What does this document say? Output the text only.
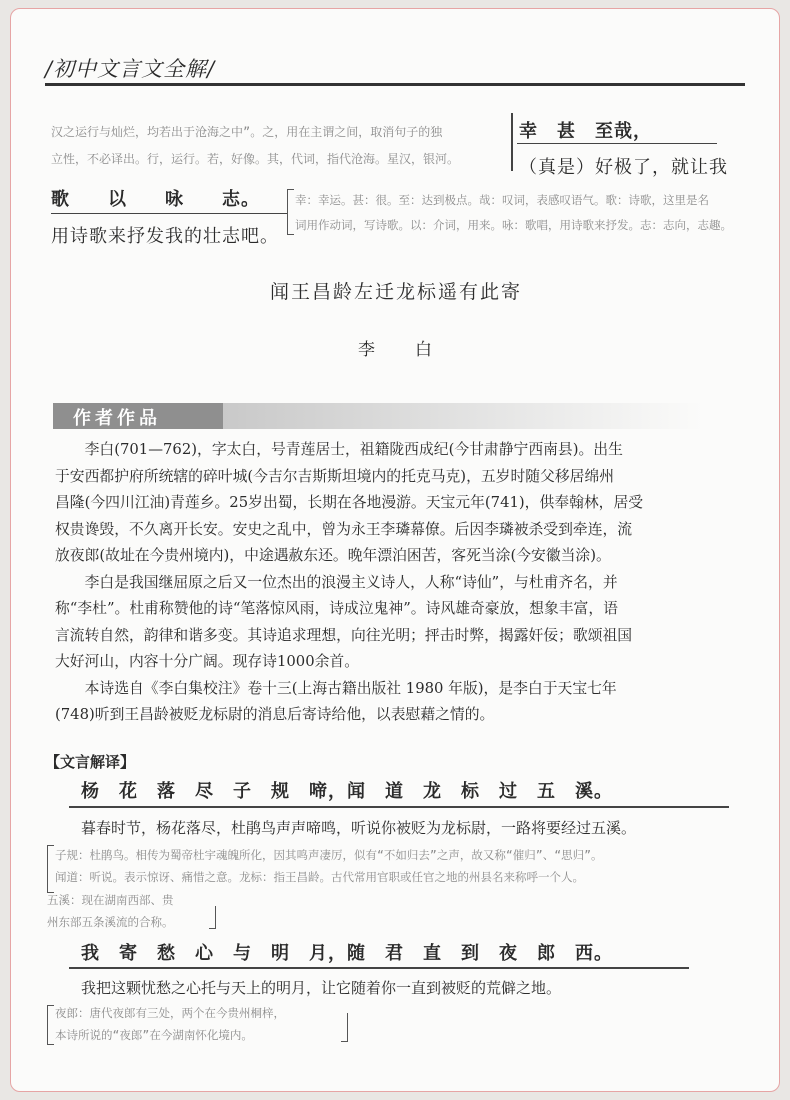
/初中文言文全解/
汉之运行与灿烂，均若出于沧海之中”。之，用在主谓之间，取消句子的独
立性，不必译出。行，运行。若，好像。其，代词，指代沧海。星汉，银河。
幸　甚　至哉，
（真是）好极了，就让我
歌　　以　　咏　　志。
用诗歌来抒发我的壮志吧。
幸：幸运。甚：很。至：达到极点。哉：叹词，表感叹语气。歌：诗歌，这里是名
词用作动词，写诗歌。以：介词，用来。咏：歌唱，用诗歌来抒发。志：志向，志趣。
闻王昌龄左迁龙标遥有此寄
李　　白
作者作品
　　李白(701—762)，字太白，号青莲居士，祖籍陇西成纪(今甘肃静宁西南县)。出生
于安西都护府所统辖的碎叶城(今吉尔吉斯斯坦境内的托克马克)，五岁时随父移居绵州
昌隆(今四川江油)青莲乡。25岁出蜀，长期在各地漫游。天宝元年(741)，供奉翰林，居受
权贵谗毁，不久离开长安。安史之乱中，曾为永王李璘幕僚。后因李璘被杀受到牵连，流
放夜郎(故址在今贵州境内)，中途遇赦东还。晚年漂泊困苦，客死当涂(今安徽当涂)。
　　李白是我国继屈原之后又一位杰出的浪漫主义诗人，人称“诗仙”，与杜甫齐名，并
称“李杜”。杜甫称赞他的诗“笔落惊风雨，诗成泣鬼神”。诗风雄奇豪放，想象丰富，语
言流转自然，韵律和谐多变。其诗追求理想，向往光明；抨击时弊，揭露奸佞；歌颂祖国
大好河山，内容十分广阔。现存诗1000余首。
　　本诗选自《李白集校注》卷十三(上海古籍出版社 1980 年版)，是李白于天宝七年
(748)听到王昌龄被贬龙标尉的消息后寄诗给他，以表慰藉之情的。
【文言解译】
杨　花　落　尽　子　规　啼，闻　道　龙　标　过　五　溪。
暮春时节，杨花落尽，杜鹃鸟声声啼鸣，听说你被贬为龙标尉，一路将要经过五溪。
子规：杜鹃鸟。相传为蜀帝杜宇魂魄所化，因其鸣声凄厉，似有“不如归去”之声，故又称“催归”、“思归”。
闻道：听说。表示惊讶、痛惜之意。龙标：指王昌龄。古代常用官职或任官之地的州县名来称呼一个人。
五溪：现在湖南西部、贵
州东部五条溪流的合称。
我　寄　愁　心　与　明　月，随　君　直　到　夜　郎　西。
我把这颗忧愁之心托与天上的明月，让它随着你一直到被贬的荒僻之地。
夜郎：唐代夜郎有三处，两个在今贵州桐梓，
本诗所说的“夜郎”在今湖南怀化境内。
